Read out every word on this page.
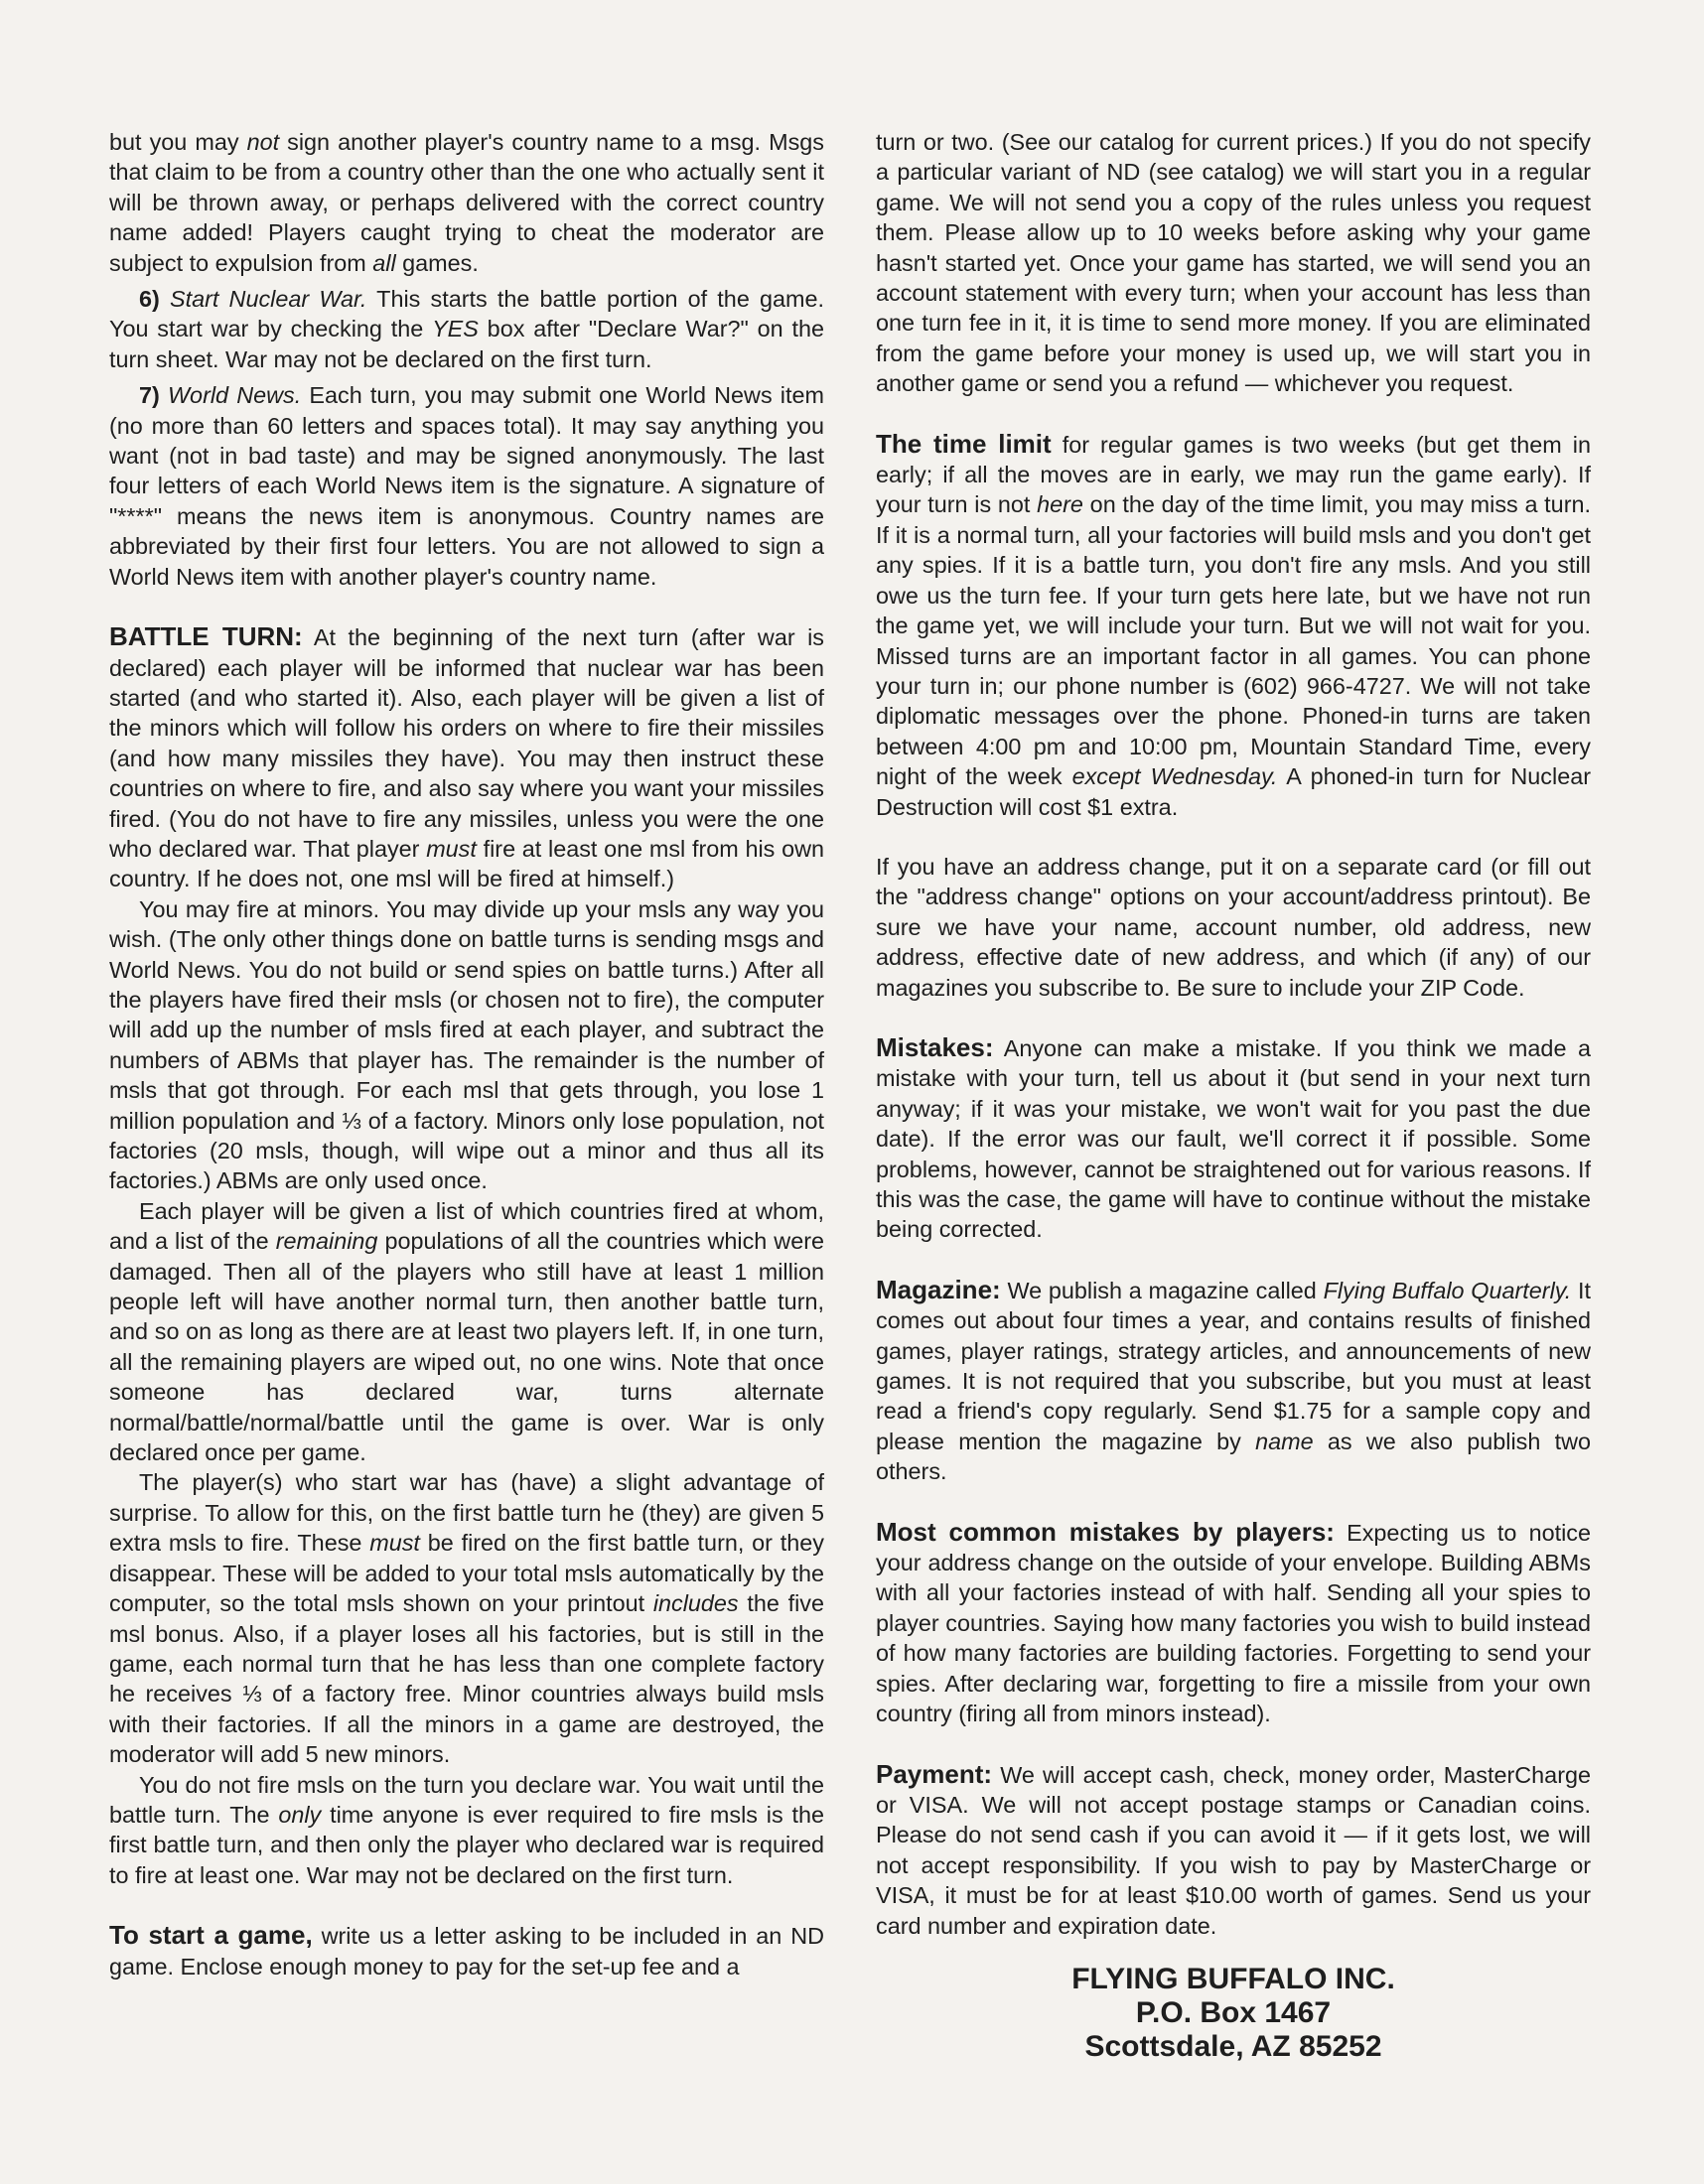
but you may not sign another player's country name to a msg. Msgs that claim to be from a country other than the one who actually sent it will be thrown away, or perhaps delivered with the correct country name added! Players caught trying to cheat the moderator are subject to expulsion from all games.

6) Start Nuclear War. This starts the battle portion of the game. You start war by checking the YES box after "Declare War?" on the turn sheet. War may not be declared on the first turn.

7) World News. Each turn, you may submit one World News item (no more than 60 letters and spaces total). It may say anything you want (not in bad taste) and may be signed anonymously. The last four letters of each World News item is the signature. A signature of "****" means the news item is anonymous. Country names are abbreviated by their first four letters. You are not allowed to sign a World News item with another player's country name.

BATTLE TURN: At the beginning of the next turn (after war is declared) each player will be informed that nuclear war has been started (and who started it). Also, each player will be given a list of the minors which will follow his orders on where to fire their missiles (and how many missiles they have). You may then instruct these countries on where to fire, and also say where you want your missiles fired. (You do not have to fire any missiles, unless you were the one who declared war. That player must fire at least one msl from his own country. If he does not, one msl will be fired at himself.)

You may fire at minors. You may divide up your msls any way you wish. (The only other things done on battle turns is sending msgs and World News. You do not build or send spies on battle turns.) After all the players have fired their msls (or chosen not to fire), the computer will add up the number of msls fired at each player, and subtract the numbers of ABMs that player has. The remainder is the number of msls that got through. For each msl that gets through, you lose 1 million population and ⅓ of a factory. Minors only lose population, not factories (20 msls, though, will wipe out a minor and thus all its factories.) ABMs are only used once.

Each player will be given a list of which countries fired at whom, and a list of the remaining populations of all the countries which were damaged. Then all of the players who still have at least 1 million people left will have another normal turn, then another battle turn, and so on as long as there are at least two players left. If, in one turn, all the remaining players are wiped out, no one wins. Note that once someone has declared war, turns alternate normal/battle/normal/battle until the game is over. War is only declared once per game.

The player(s) who start war has (have) a slight advantage of surprise. To allow for this, on the first battle turn he (they) are given 5 extra msls to fire. These must be fired on the first battle turn, or they disappear. These will be added to your total msls automatically by the computer, so the total msls shown on your printout includes the five msl bonus. Also, if a player loses all his factories, but is still in the game, each normal turn that he has less than one complete factory he receives ⅓ of a factory free. Minor countries always build msls with their factories. If all the minors in a game are destroyed, the moderator will add 5 new minors.

You do not fire msls on the turn you declare war. You wait until the battle turn. The only time anyone is ever required to fire msls is the first battle turn, and then only the player who declared war is required to fire at least one. War may not be declared on the first turn.

To start a game, write us a letter asking to be included in an ND game. Enclose enough money to pay for the set-up fee and a

turn or two. (See our catalog for current prices.) If you do not specify a particular variant of ND (see catalog) we will start you in a regular game. We will not send you a copy of the rules unless you request them. Please allow up to 10 weeks before asking why your game hasn't started yet. Once your game has started, we will send you an account statement with every turn; when your account has less than one turn fee in it, it is time to send more money. If you are eliminated from the game before your money is used up, we will start you in another game or send you a refund — whichever you request.

The time limit for regular games is two weeks (but get them in early; if all the moves are in early, we may run the game early). If your turn is not here on the day of the time limit, you may miss a turn. If it is a normal turn, all your factories will build msls and you don't get any spies. If it is a battle turn, you don't fire any msls. And you still owe us the turn fee. If your turn gets here late, but we have not run the game yet, we will include your turn. But we will not wait for you. Missed turns are an important factor in all games. You can phone your turn in; our phone number is (602) 966-4727. We will not take diplomatic messages over the phone. Phoned-in turns are taken between 4:00 pm and 10:00 pm, Mountain Standard Time, every night of the week except Wednesday. A phoned-in turn for Nuclear Destruction will cost $1 extra.

If you have an address change, put it on a separate card (or fill out the "address change" options on your account/address printout). Be sure we have your name, account number, old address, new address, effective date of new address, and which (if any) of our magazines you subscribe to. Be sure to include your ZIP Code.

Mistakes: Anyone can make a mistake. If you think we made a mistake with your turn, tell us about it (but send in your next turn anyway; if it was your mistake, we won't wait for you past the due date). If the error was our fault, we'll correct it if possible. Some problems, however, cannot be straightened out for various reasons. If this was the case, the game will have to continue without the mistake being corrected.

Magazine: We publish a magazine called Flying Buffalo Quarterly. It comes out about four times a year, and contains results of finished games, player ratings, strategy articles, and announcements of new games. It is not required that you subscribe, but you must at least read a friend's copy regularly. Send $1.75 for a sample copy and please mention the magazine by name as we also publish two others.

Most common mistakes by players: Expecting us to notice your address change on the outside of your envelope. Building ABMs with all your factories instead of with half. Sending all your spies to player countries. Saying how many factories you wish to build instead of how many factories are building factories. Forgetting to send your spies. After declaring war, forgetting to fire a missile from your own country (firing all from minors instead).

Payment: We will accept cash, check, money order, MasterCharge or VISA. We will not accept postage stamps or Canadian coins. Please do not send cash if you can avoid it — if it gets lost, we will not accept responsibility. If you wish to pay by MasterCharge or VISA, it must be for at least $10.00 worth of games. Send us your card number and expiration date.

FLYING BUFFALO INC.
P.O. Box 1467
Scottsdale, AZ 85252
